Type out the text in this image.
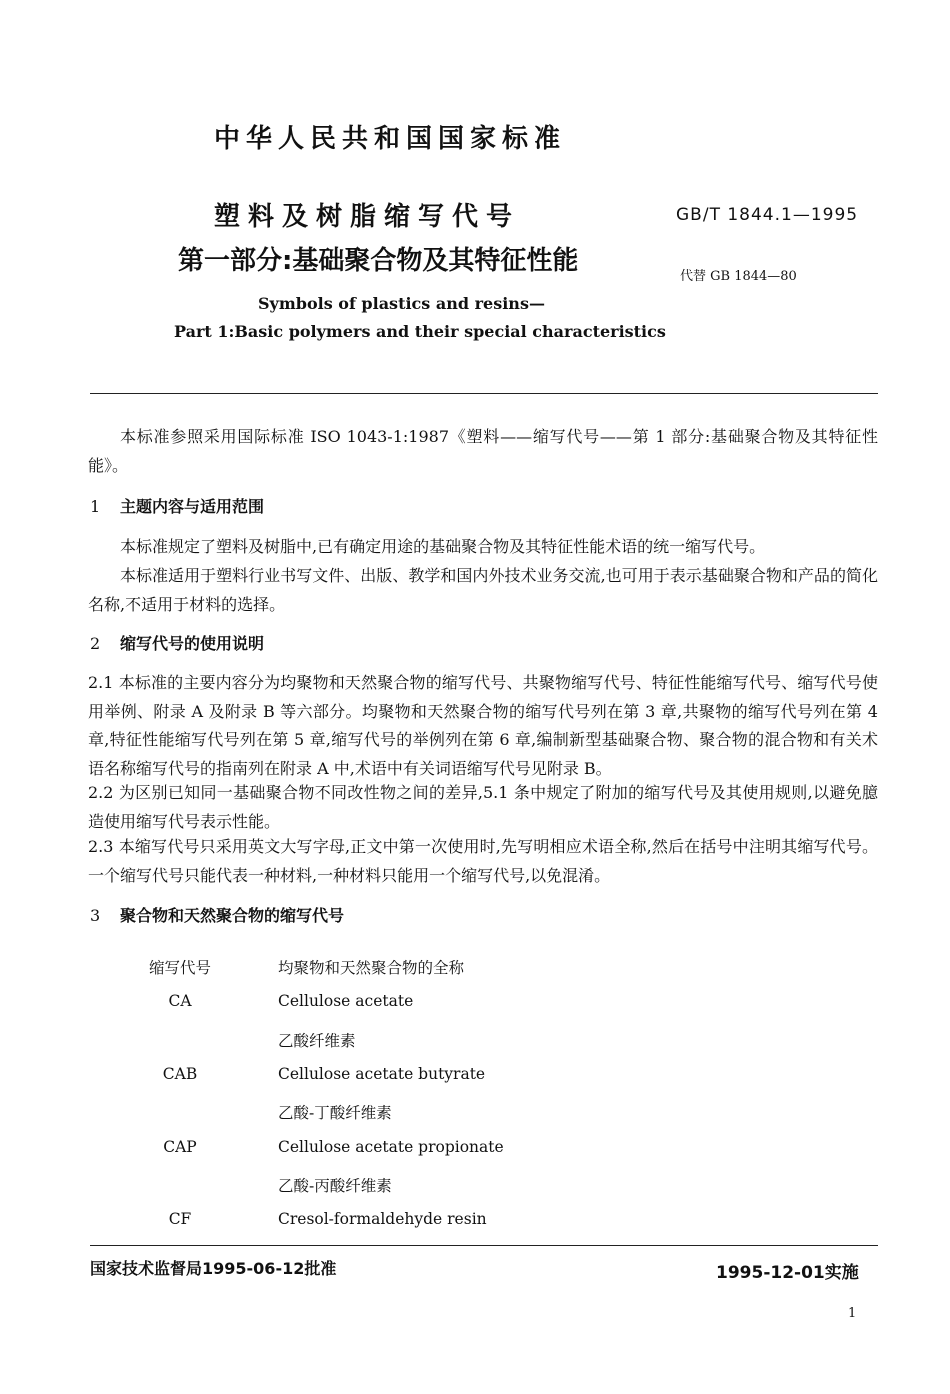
中华人民共和国国家标准
塑料及树脂缩写代号
第一部分:基础聚合物及其特征性能
GB/T 1844.1—1995
代替 GB 1844—80
Symbols of plastics and resins—
Part 1:Basic polymers and their special characteristics
本标准参照采用国际标准 ISO 1043-1:1987《塑料——缩写代号——第 1 部分:基础聚合物及其特征性能》。
1 主题内容与适用范围
本标准规定了塑料及树脂中,已有确定用途的基础聚合物及其特征性能术语的统一缩写代号。
本标准适用于塑料行业书写文件、出版、教学和国内外技术业务交流,也可用于表示基础聚合物和产品的简化名称,不适用于材料的选择。
2 缩写代号的使用说明
2.1 本标准的主要内容分为均聚物和天然聚合物的缩写代号、共聚物缩写代号、特征性能缩写代号、缩写代号使用举例、附录 A 及附录 B 等六部分。均聚物和天然聚合物的缩写代号列在第 3 章,共聚物的缩写代号列在第 4 章,特征性能缩写代号列在第 5 章,缩写代号的举例列在第 6 章,编制新型基础聚合物、聚合物的混合物和有关术语名称缩写代号的指南列在附录 A 中,术语中有关词语缩写代号见附录 B。
2.2 为区别已知同一基础聚合物不同改性物之间的差异,5.1 条中规定了附加的缩写代号及其使用规则,以避免臆造使用缩写代号表示性能。
2.3 本缩写代号只采用英文大写字母,正文中第一次使用时,先写明相应术语全称,然后在括号中注明其缩写代号。一个缩写代号只能代表一种材料,一种材料只能用一个缩写代号,以免混淆。
3 聚合物和天然聚合物的缩写代号
缩写代号	均聚物和天然聚合物的全称
CA	Cellulose acetate
乙酸纤维素
CAB	Cellulose acetate butyrate
乙酸-丁酸纤维素
CAP	Cellulose acetate propionate
乙酸-丙酸纤维素
CF	Cresol-formaldehyde resin
国家技术监督局1995-06-12批准	1995-12-01实施
1
